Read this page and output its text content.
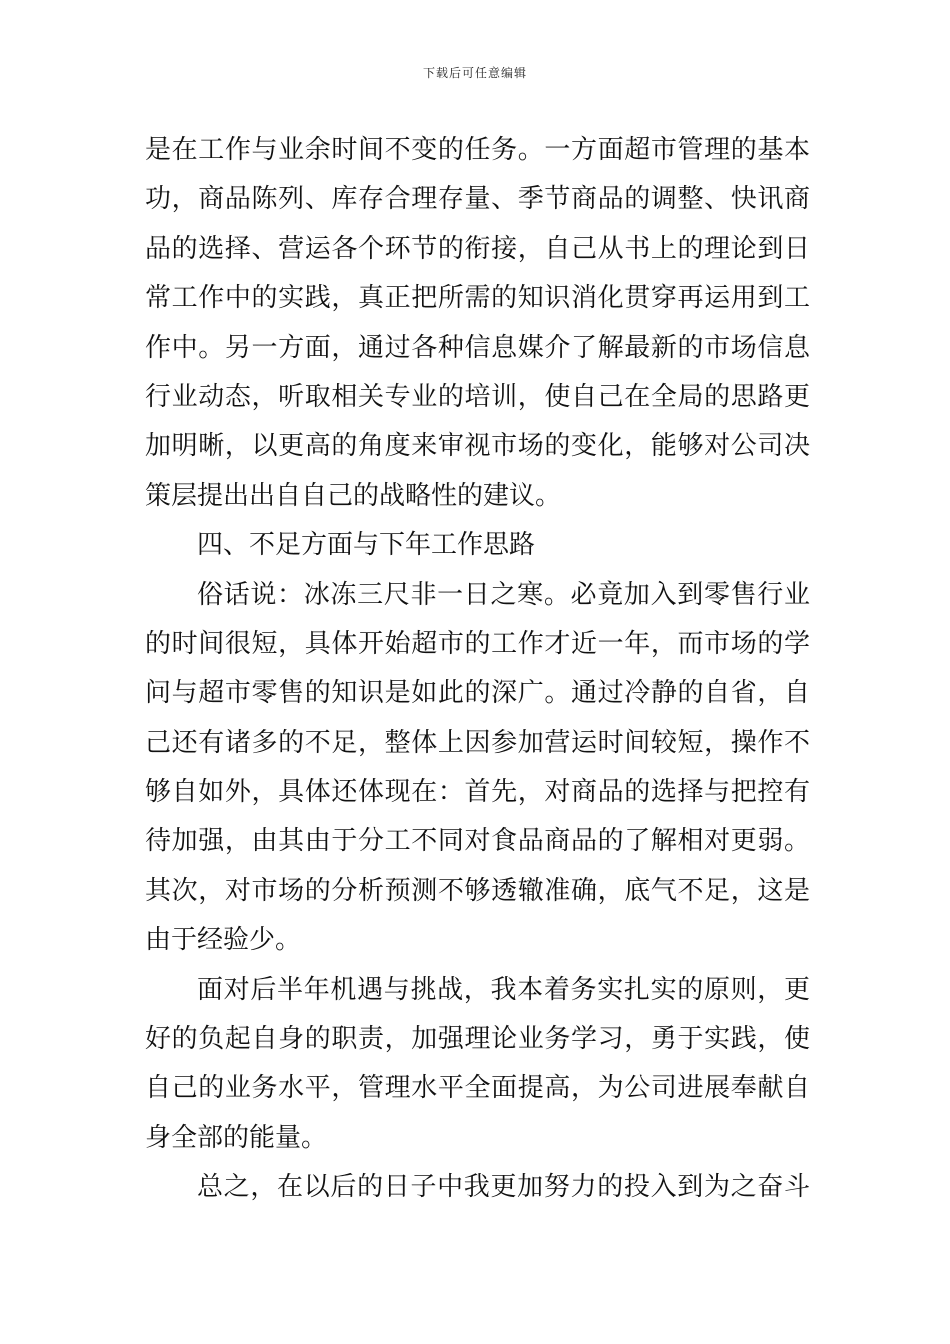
下载后可任意编辑
是在工作与业余时间不变的任务。一方面超市管理的基本
功，商品陈列、库存合理存量、季节商品的调整、快讯商
品的选择、营运各个环节的衔接，自己从书上的理论到日
常工作中的实践，真正把所需的知识消化贯穿再运用到工
作中。另一方面，通过各种信息媒介了解最新的市场信息
行业动态，听取相关专业的培训，使自己在全局的思路更
加明晰，以更高的角度来审视市场的变化，能够对公司决
策层提出出自自己的战略性的建议。
四、不足方面与下年工作思路
俗话说：冰冻三尺非一日之寒。必竟加入到零售行业
的时间很短，具体开始超市的工作才近一年，而市场的学
问与超市零售的知识是如此的深广。通过冷静的自省，自
己还有诸多的不足，整体上因参加营运时间较短，操作不
够自如外，具体还体现在：首先，对商品的选择与把控有
待加强，由其由于分工不同对食品商品的了解相对更弱。
其次，对市场的分析预测不够透辙准确，底气不足，这是
由于经验少。
面对后半年机遇与挑战，我本着务实扎实的原则，更
好的负起自身的职责，加强理论业务学习，勇于实践，使
自己的业务水平，管理水平全面提高，为公司进展奉献自
身全部的能量。
总之，在以后的日子中我更加努力的投入到为之奋斗
